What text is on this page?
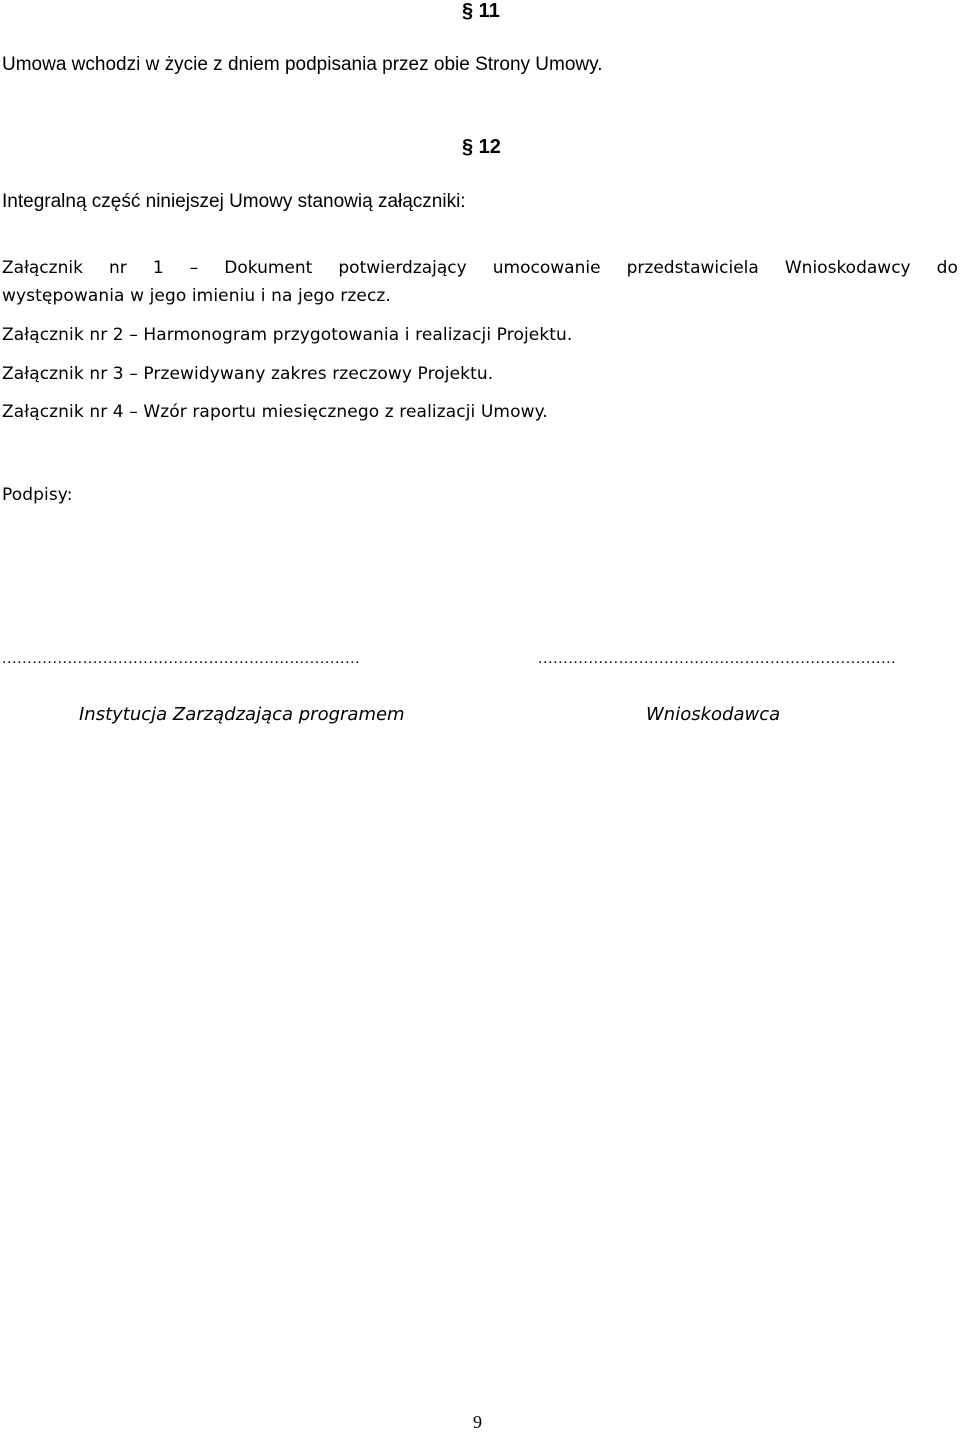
§ 11
Umowa wchodzi w życie z dniem podpisania przez obie Strony Umowy.
§ 12
Integralną część niniejszej Umowy stanowią załączniki:
Załącznik nr 1 – Dokument potwierdzający umocowanie przedstawiciela Wnioskodawcy do
występowania w jego imieniu i na jego rzecz.
Załącznik nr 2 – Harmonogram przygotowania i realizacji Projektu.
Załącznik nr 3 – Przewidywany zakres rzeczowy Projektu.
Załącznik nr 4 – Wzór raportu miesięcznego z realizacji Umowy.
Podpisy:
.......................................................................	.......................................................................
Instytucja Zarządzająca programem	Wnioskodawca
9
